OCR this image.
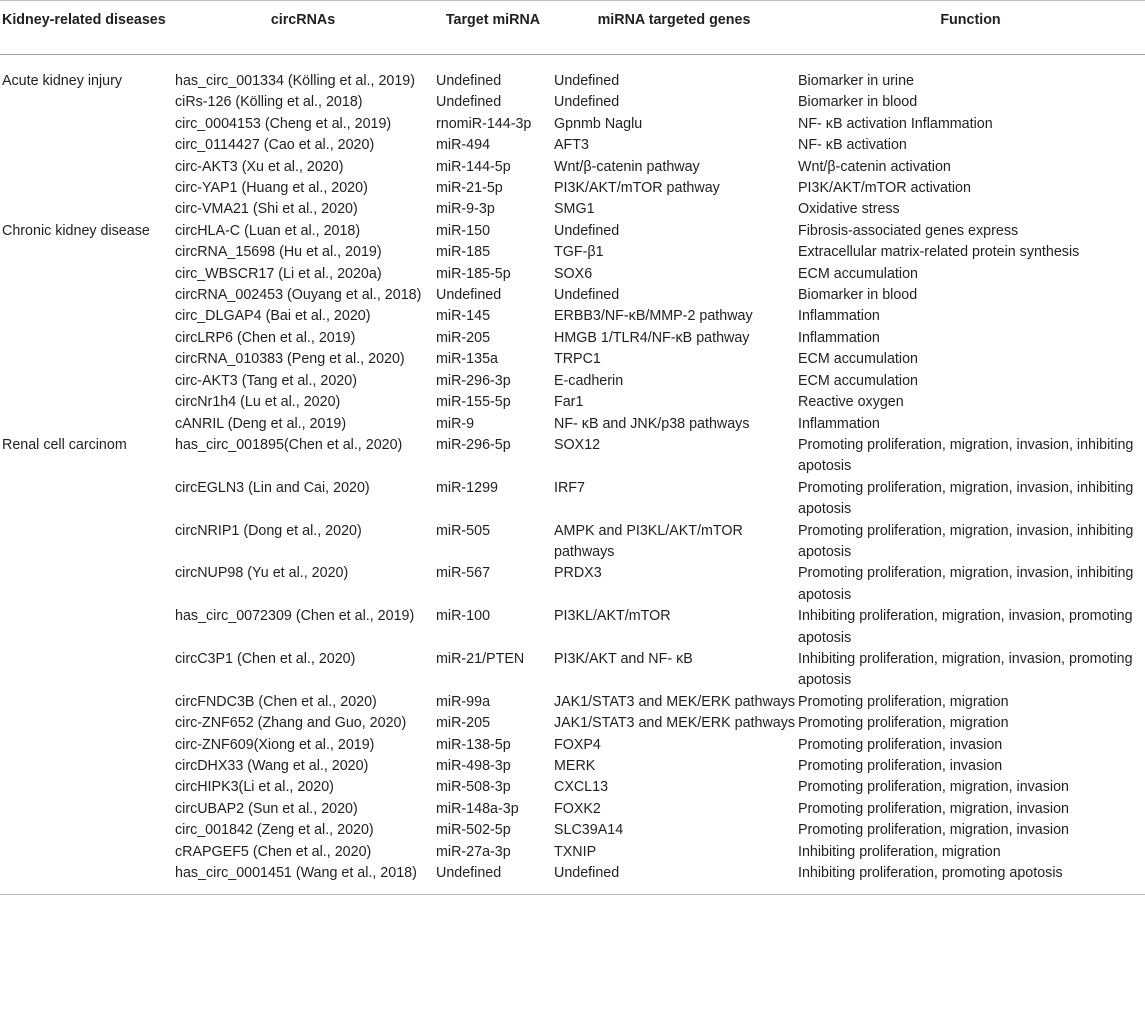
Kidney-related diseases	circRNAs	Target miRNA	miRNA targeted genes	Function
Acute kidney injury	has_circ_001334 (Kölling et al., 2019)	Undefined	Undefined	Biomarker in urine
	ciRs-126 (Kölling et al., 2018)	Undefined	Undefined	Biomarker in blood
	circ_0004153 (Cheng et al., 2019)	rnomiR-144-3p	Gpnmb Naglu	NF- κB activation Inflammation
	circ_0114427 (Cao et al., 2020)	miR-494	AFT3	NF- κB activation
	circ-AKT3 (Xu et al., 2020)	miR-144-5p	Wnt/β-catenin pathway	Wnt/β-catenin activation
	circ-YAP1 (Huang et al., 2020)	miR-21-5p	PI3K/AKT/mTOR pathway	PI3K/AKT/mTOR activation
	circ-VMA21 (Shi et al., 2020)	miR-9-3p	SMG1	Oxidative stress
Chronic kidney disease	circHLA-C (Luan et al., 2018)	miR-150	Undefined	Fibrosis-associated genes express
	circRNA_15698 (Hu et al., 2019)	miR-185	TGF-β1	Extracellular matrix-related protein synthesis
	circ_WBSCR17 (Li et al., 2020a)	miR-185-5p	SOX6	ECM accumulation
	circRNA_002453 (Ouyang et al., 2018)	Undefined	Undefined	Biomarker in blood
	circ_DLGAP4 (Bai et al., 2020)	miR-145	ERBB3/NF-κB/MMP-2 pathway	Inflammation
	circLRP6 (Chen et al., 2019)	miR-205	HMGB 1/TLR4/NF-κB pathway	Inflammation
	circRNA_010383 (Peng et al., 2020)	miR-135a	TRPC1	ECM accumulation
	circ-AKT3 (Tang et al., 2020)	miR-296-3p	E-cadherin	ECM accumulation
	circNr1h4 (Lu et al., 2020)	miR-155-5p	Far1	Reactive oxygen
	cANRIL (Deng et al., 2019)	miR-9	NF- κB and JNK/p38 pathways	Inflammation
Renal cell carcinom	has_circ_001895(Chen et al., 2020)	miR-296-5p	SOX12	Promoting proliferation, migration, invasion, inhibiting apotosis
	circEGLN3 (Lin and Cai, 2020)	miR-1299	IRF7	Promoting proliferation, migration, invasion, inhibiting apotosis
	circNRIP1 (Dong et al., 2020)	miR-505	AMPK and PI3KL/AKT/mTOR pathways	Promoting proliferation, migration, invasion, inhibiting apotosis
	circNUP98 (Yu et al., 2020)	miR-567	PRDX3	Promoting proliferation, migration, invasion, inhibiting apotosis
	has_circ_0072309 (Chen et al., 2019)	miR-100	PI3KL/AKT/mTOR	Inhibiting proliferation, migration, invasion, promoting apotosis
	circC3P1 (Chen et al., 2020)	miR-21/PTEN	PI3K/AKT and NF- κB	Inhibiting proliferation, migration, invasion, promoting apotosis
	circFNDC3B (Chen et al., 2020)	miR-99a	JAK1/STAT3 and MEK/ERK pathways	Promoting proliferation, migration
	circ-ZNF652 (Zhang and Guo, 2020)	miR-205	JAK1/STAT3 and MEK/ERK pathways	Promoting proliferation, migration
	circ-ZNF609(Xiong et al., 2019)	miR-138-5p	FOXP4	Promoting proliferation, invasion
	circDHX33 (Wang et al., 2020)	miR-498-3p	MERK	Promoting proliferation, invasion
	circHIPK3(Li et al., 2020)	miR-508-3p	CXCL13	Promoting proliferation, migration, invasion
	circUBAP2 (Sun et al., 2020)	miR-148a-3p	FOXK2	Promoting proliferation, migration, invasion
	circ_001842 (Zeng et al., 2020)	miR-502-5p	SLC39A14	Promoting proliferation, migration, invasion
	cRAPGEF5 (Chen et al., 2020)	miR-27a-3p	TXNIP	Inhibiting proliferation, migration
	has_circ_0001451 (Wang et al., 2018)	Undefined	Undefined	Inhibiting proliferation, promoting apotosis
